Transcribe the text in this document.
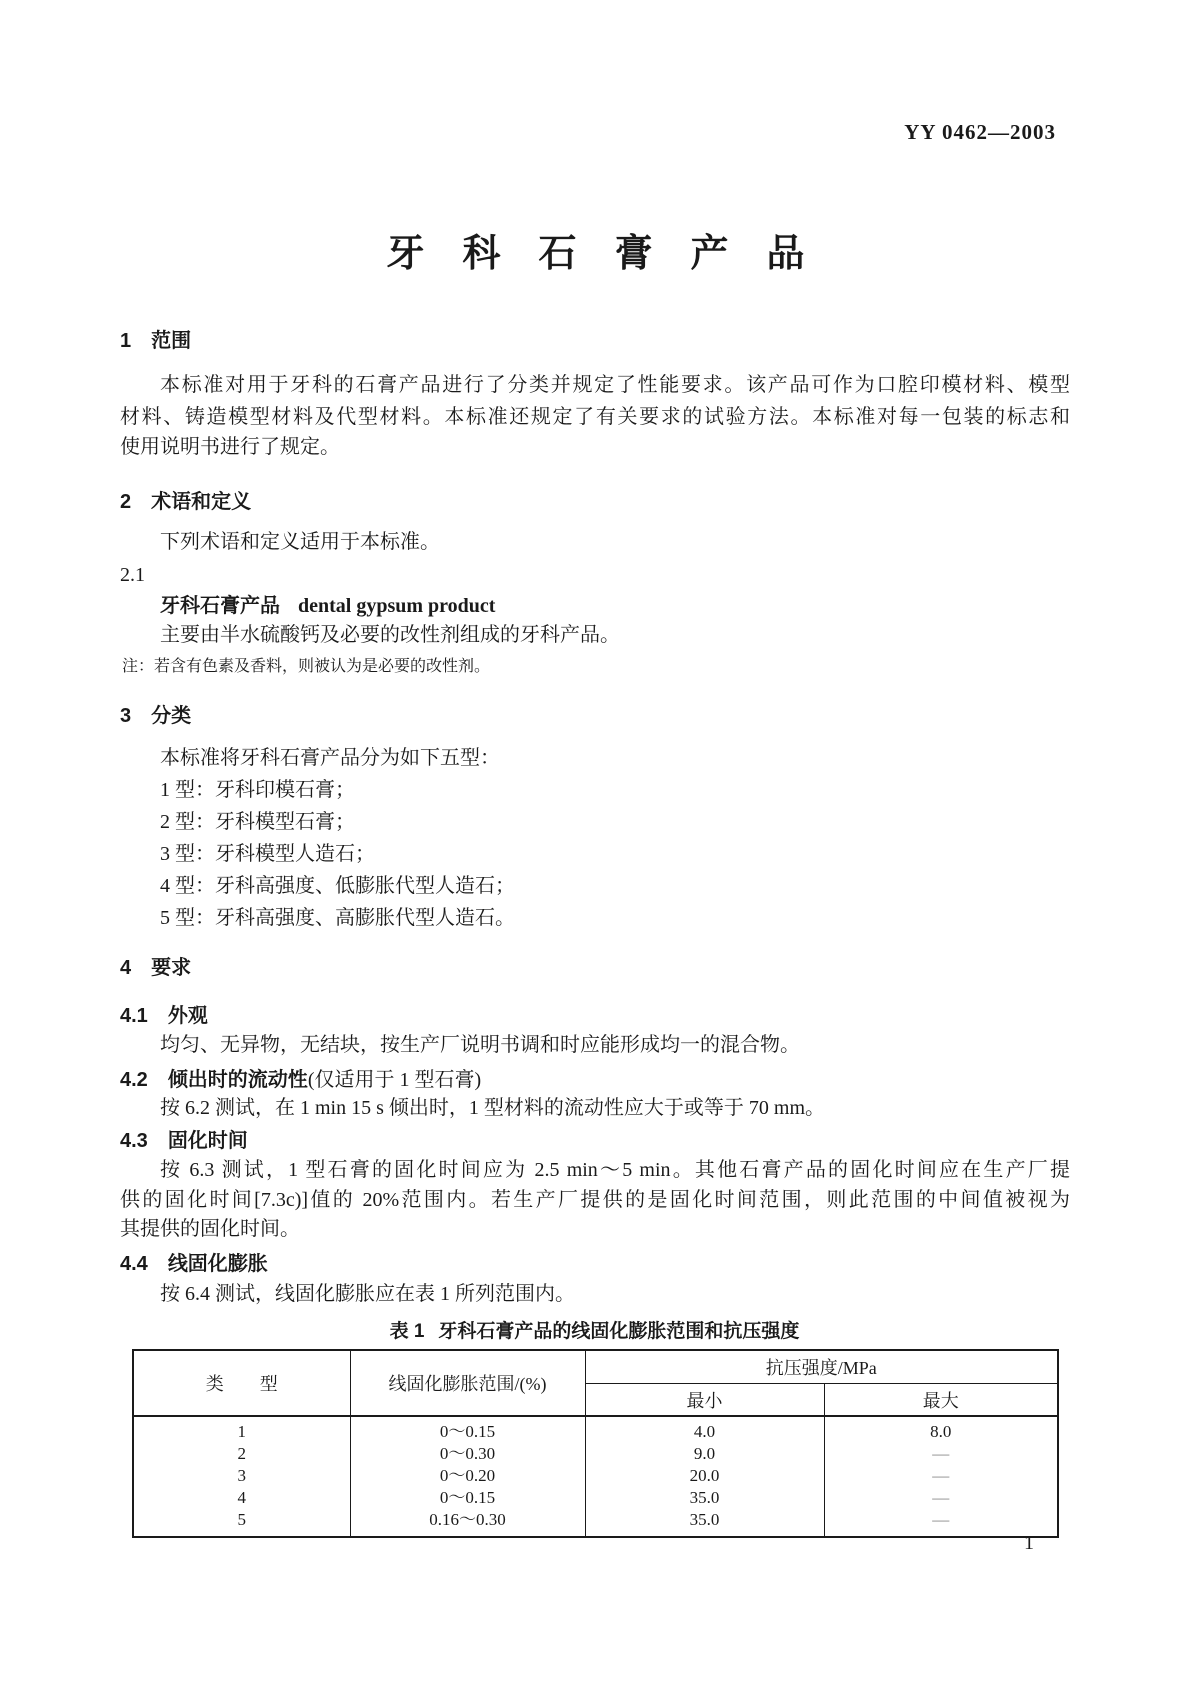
YY 0462—2003
牙科石膏产品
1 范围
本标准对用于牙科的石膏产品进行了分类并规定了性能要求。该产品可作为口腔印模材料、模型
材料、铸造模型材料及代型材料。本标准还规定了有关要求的试验方法。本标准对每一包装的标志和
使用说明书进行了规定。
2 术语和定义
下列术语和定义适用于本标准。
2.1
牙科石膏产品 dental gypsum product
主要由半水硫酸钙及必要的改性剂组成的牙科产品。
注：若含有色素及香料，则被认为是必要的改性剂。
3 分类
本标准将牙科石膏产品分为如下五型：
1 型：牙科印模石膏；
2 型：牙科模型石膏；
3 型：牙科模型人造石；
4 型：牙科高强度、低膨胀代型人造石；
5 型：牙科高强度、高膨胀代型人造石。
4 要求
4.1 外观
均匀、无异物，无结块，按生产厂说明书调和时应能形成均一的混合物。
4.2 倾出时的流动性(仅适用于 1 型石膏)
按 6.2 测试，在 1 min 15 s 倾出时，1 型材料的流动性应大于或等于 70 mm。
4.3 固化时间
按 6.3 测试，1 型石膏的固化时间应为 2.5 min～5 min。其他石膏产品的固化时间应在生产厂提
供的固化时间[7.3c)]值的 20%范围内。若生产厂提供的是固化时间范围，则此范围的中间值被视为
其提供的固化时间。
4.4 线固化膨胀
按 6.4 测试，线固化膨胀应在表 1 所列范围内。
表 1 牙科石膏产品的线固化膨胀范围和抗压强度
类　　型	线固化膨胀范围/(%)	抗压强度/MPa	
		最小	最大
1	0～0.15	4.0	8.0
2	0～0.30	9.0	—
3	0～0.20	20.0	—
4	0～0.15	35.0	—
5	0.16～0.30	35.0	—
1
